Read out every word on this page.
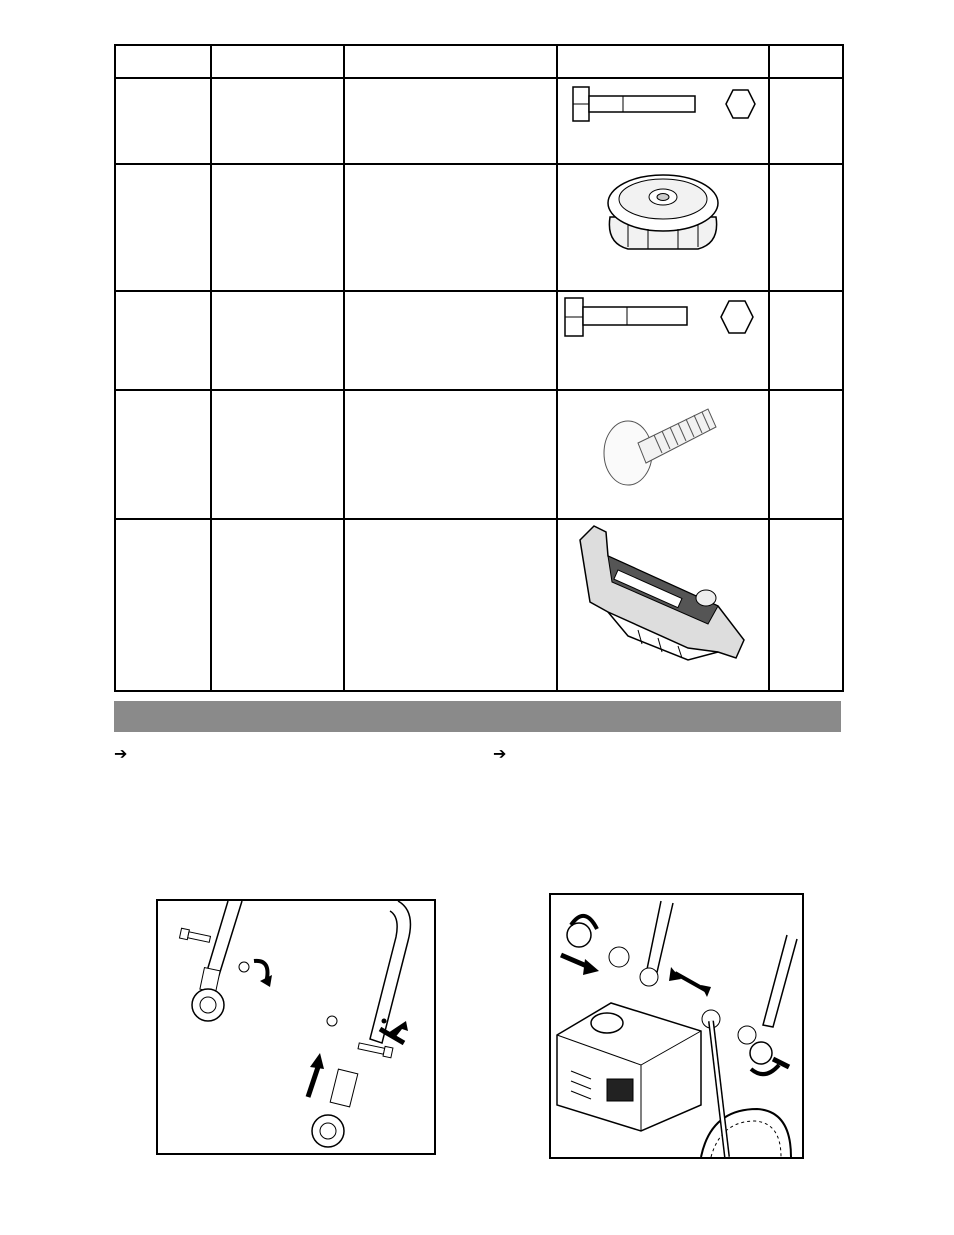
➔	➔
